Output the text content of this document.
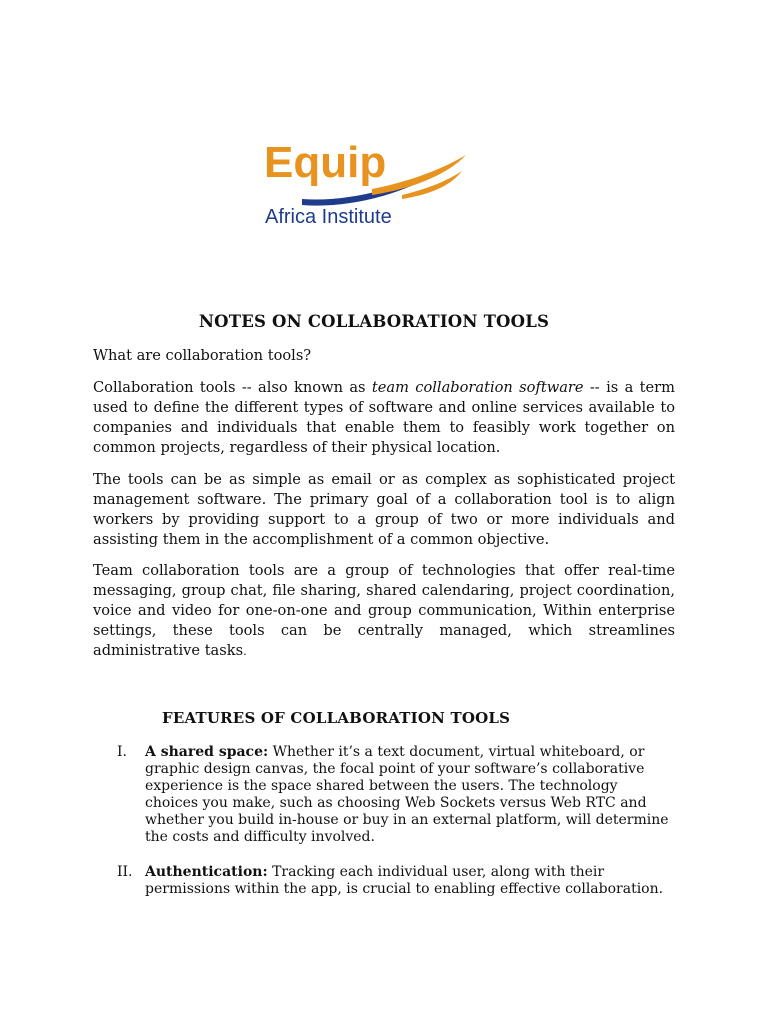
Equip
Africa Institute
NOTES ON COLLABORATION TOOLS

What are collaboration tools?

Collaboration tools -- also known as team collaboration software -- is a term used to define the different types of software and online services available to companies and individuals that enable them to feasibly work together on common projects, regardless of their physical location.

The tools can be as simple as email or as complex as sophisticated project management software. The primary goal of a collaboration tool is to align workers by providing support to a group of two or more individuals and assisting them in the accomplishment of a common objective.

Team collaboration tools are a group of technologies that offer real-time messaging, group chat, file sharing, shared calendaring, project coordination, voice and video for one-on-one and group communication, Within enterprise settings, these tools can be centrally managed, which streamlines administrative tasks.

FEATURES OF COLLABORATION TOOLS
I. A shared space: Whether it’s a text document, virtual whiteboard, or graphic design canvas, the focal point of your software’s collaborative experience is the space shared between the users. The technology choices you make, such as choosing Web Sockets versus Web RTC and whether you build in-house or buy in an external platform, will determine the costs and difficulty involved.
II. Authentication: Tracking each individual user, along with their permissions within the app, is crucial to enabling effective collaboration.
